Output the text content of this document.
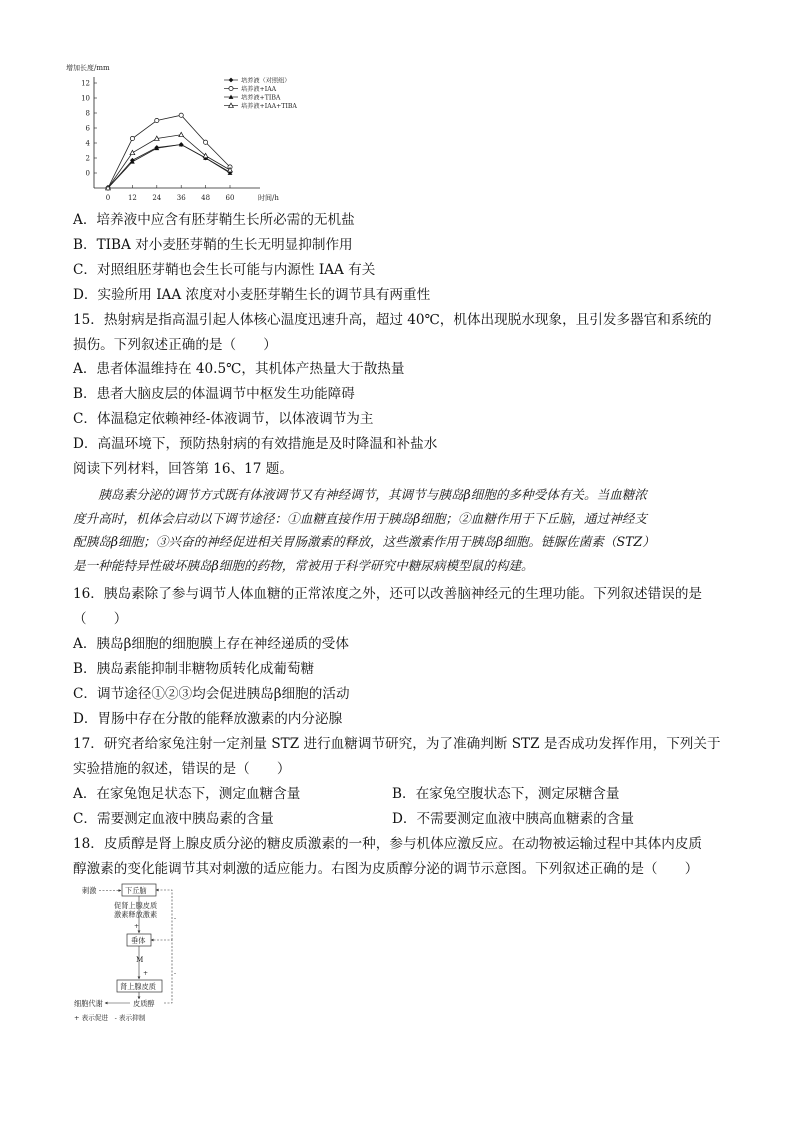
增加长度/mm
时间/h
0
2
4
6
8
10
12
0	12 24 36 48 60
培养液（对照组）
培养液+IAA
培养液+TIBA
培养液+IAA+TIBA
A．培养液中应含有胚芽鞘生长所必需的无机盐
B．TIBA 对小麦胚芽鞘的生长无明显抑制作用
C．对照组胚芽鞘也会生长可能与内源性 IAA 有关
D．实验所用 IAA 浓度对小麦胚芽鞘生长的调节具有两重性
15．热射病是指高温引起人体核心温度迅速升高，超过 40℃，机体出现脱水现象，且引发多器官和系统的
损伤。下列叙述正确的是（　　）
A．患者体温维持在 40.5℃，其机体产热量大于散热量
B．患者大脑皮层的体温调节中枢发生功能障碍
C．体温稳定依赖神经-体液调节，以体液调节为主
D．高温环境下，预防热射病的有效措施是及时降温和补盐水
阅读下列材料，回答第 16、17 题。
　　胰岛素分泌的调节方式既有体液调节又有神经调节，其调节与胰岛β细胞的多种受体有关。当血糖浓
度升高时，机体会启动以下调节途径：①血糖直接作用于胰岛β细胞；②血糖作用于下丘脑，通过神经支
配胰岛β细胞；③兴奋的神经促进相关胃肠激素的释放，这些激素作用于胰岛β细胞。链脲佐菌素（STZ）
是一种能特异性破坏胰岛β细胞的药物，常被用于科学研究中糖尿病模型鼠的构建。
16．胰岛素除了参与调节人体血糖的正常浓度之外，还可以改善脑神经元的生理功能。下列叙述错误的是
（　　）
A．胰岛β细胞的细胞膜上存在神经递质的受体
B．胰岛素能抑制非糖物质转化成葡萄糖
C．调节途径①②③均会促进胰岛β细胞的活动
D．胃肠中存在分散的能释放激素的内分泌腺
17．研究者给家兔注射一定剂量 STZ 进行血糖调节研究，为了准确判断 STZ 是否成功发挥作用，下列关于
实验措施的叙述，错误的是（　　）
A．在家兔饱足状态下，测定血糖含量	B．在家兔空腹状态下，测定尿糖含量
C．需要测定血液中胰岛素的含量	D．不需要测定血液中胰高血糖素的含量
18．皮质醇是肾上腺皮质分泌的糖皮质激素的一种，参与机体应激反应。在动物被运输过程中其体内皮质
醇激素的变化能调节其对刺激的适应能力。右图为皮质醇分泌的调节示意图。下列叙述正确的是（　　）
刺激	下丘脑
促肾上腺皮质
激素释放激素
+
垂体
M
+
肾上腺皮质
细胞代谢	皮质醇
-
-
+ 表示促进　- 表示抑制
